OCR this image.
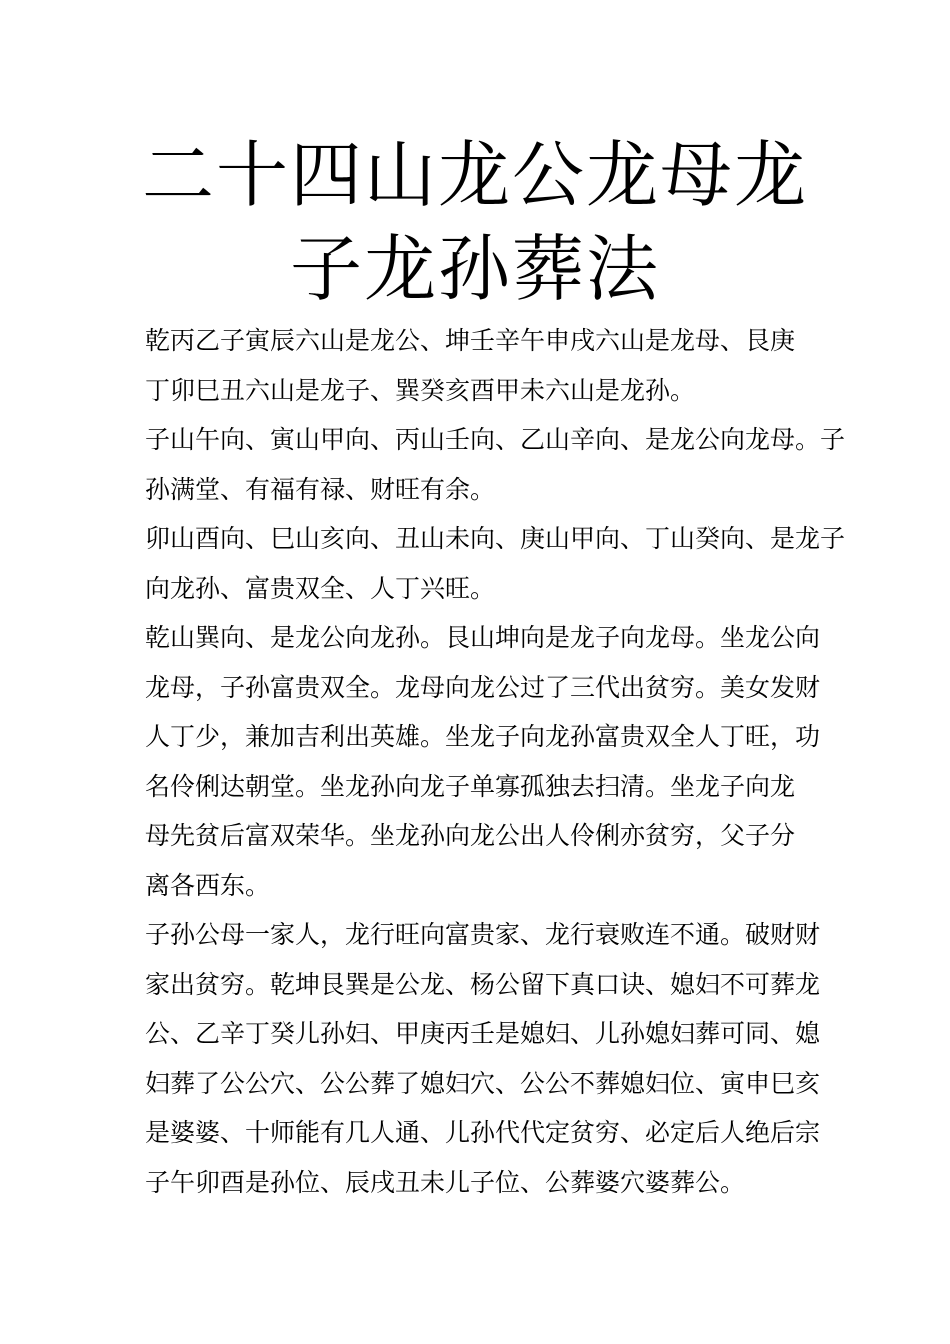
二十四山龙公龙母龙
子龙孙葬法
乾丙乙子寅辰六山是龙公、坤壬辛午申戌六山是龙母、艮庚
丁卯巳丑六山是龙子、巽癸亥酉甲未六山是龙孙。
子山午向、寅山甲向、丙山壬向、乙山辛向、是龙公向龙母。子
孙满堂、有福有禄、财旺有余。
卯山酉向、巳山亥向、丑山未向、庚山甲向、丁山癸向、是龙子
向龙孙、富贵双全、人丁兴旺。
乾山巽向、是龙公向龙孙。艮山坤向是龙子向龙母。坐龙公向
龙母，子孙富贵双全。龙母向龙公过了三代出贫穷。美女发财
人丁少，兼加吉利出英雄。坐龙子向龙孙富贵双全人丁旺，功
名伶俐达朝堂。坐龙孙向龙子单寡孤独去扫清。坐龙子向龙
母先贫后富双荣华。坐龙孙向龙公出人伶俐亦贫穷，父子分
离各西东。
子孙公母一家人，龙行旺向富贵家、龙行衰败连不通。破财财
家出贫穷。乾坤艮巽是公龙、杨公留下真口诀、媳妇不可葬龙
公、乙辛丁癸儿孙妇、甲庚丙壬是媳妇、儿孙媳妇葬可同、媳
妇葬了公公穴、公公葬了媳妇穴、公公不葬媳妇位、寅申巳亥
是婆婆、十师能有几人通、儿孙代代定贫穷、必定后人绝后宗
子午卯酉是孙位、辰戌丑未儿子位、公葬婆穴婆葬公。
